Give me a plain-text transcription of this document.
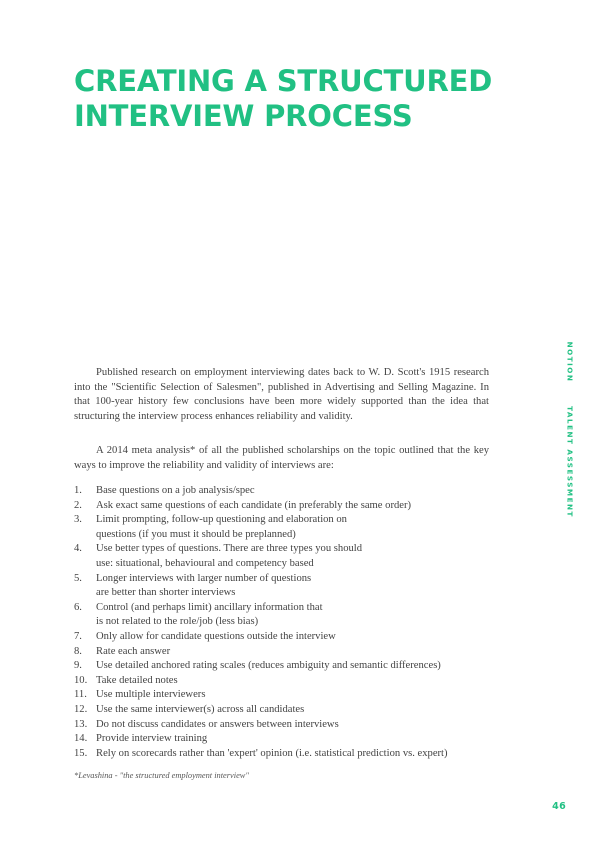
CREATING A STRUCTURED
INTERVIEW PROCESS

Published research on employment interviewing dates back to W. D. Scott's 1915 research into the "Scientific Selection of Salesmen", published in Advertising and Selling Magazine. In that 100-year history few conclusions have been more widely supported than the idea that structuring the interview process enhances reliability and validity.

A 2014 meta analysis* of all the published scholarships on the topic outlined that the key ways to improve the reliability and validity of interviews are:

1.	Base questions on a job analysis/spec
2.	Ask exact same questions of each candidate (in preferably the same order)
3.	Limit prompting, follow-up questioning and elaboration on
questions (if you must it should be preplanned)
4.	Use better types of questions. There are three types you should
use: situational, behavioural and competency based
5.	Longer interviews with larger number of questions
are better than shorter interviews
6.	Control (and perhaps limit) ancillary information that
is not related to the role/job (less bias)
7.	Only allow for candidate questions outside the interview
8.	Rate each answer
9.	Use detailed anchored rating scales (reduces ambiguity and semantic differences)
10. Take detailed notes
11. Use multiple interviewers
12. Use the same interviewer(s) across all candidates
13. Do not discuss candidates or answers between interviews
14. Provide interview training
15. Rely on scorecards rather than 'expert' opinion (i.e. statistical prediction vs. expert)
*Levashina - "the structured employment interview"
NOTION
TALENT ASSESSMENT
46
